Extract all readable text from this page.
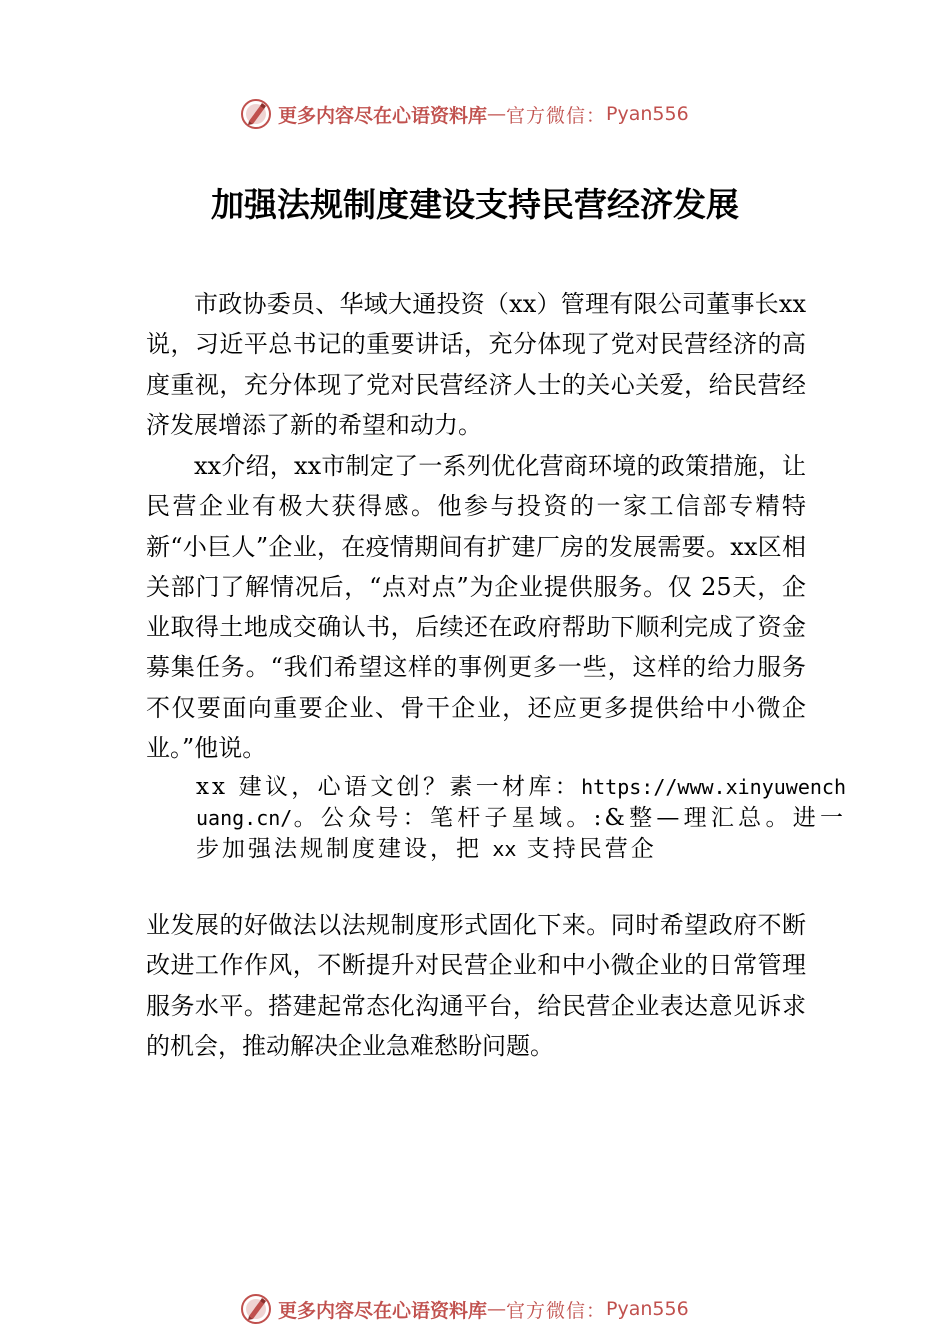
更多内容尽在心语资料库 — 官方微信： Pyan556
加强法规制度建设支持民营经济发展

市政协委员、华域大通投资（xx）管理有限公司董事长xx说，习近平总书记的重要讲话，充分体现了党对民营经济的高度重视，充分体现了党对民营经济人士的关心关爱，给民营经济发展增添了新的希望和动力。

xx介绍，xx市制定了一系列优化营商环境的政策措施，让民营企业有极大获得感。他参与投资的一家工信部专精特新“小巨人”企业，在疫情期间有扩建厂房的发展需要。xx区相关部门了解情况后，“点对点”为企业提供服务。仅 25天，企业取得土地成交确认书，后续还在政府帮助下顺利完成了资金募集任务。“我们希望这样的事例更多一些，这样的给力服务不仅要面向重要企业、骨干企业，还应更多提供给中小微企业。”他说。

xx 建议，心语文创？素一材库：https://www.xinyuwenchuang.cn/。公众号：笔杆子星域。:&整—理汇总。进一步加强法规制度建设，把 xx 支持民营企

业发展的好做法以法规制度形式固化下来。同时希望政府不断改进工作作风，不断提升对民营企业和中小微企业的日常管理服务水平。搭建起常态化沟通平台，给民营企业表达意见诉求的机会，推动解决企业急难愁盼问题。

更多内容尽在心语资料库 — 官方微信： Pyan556
